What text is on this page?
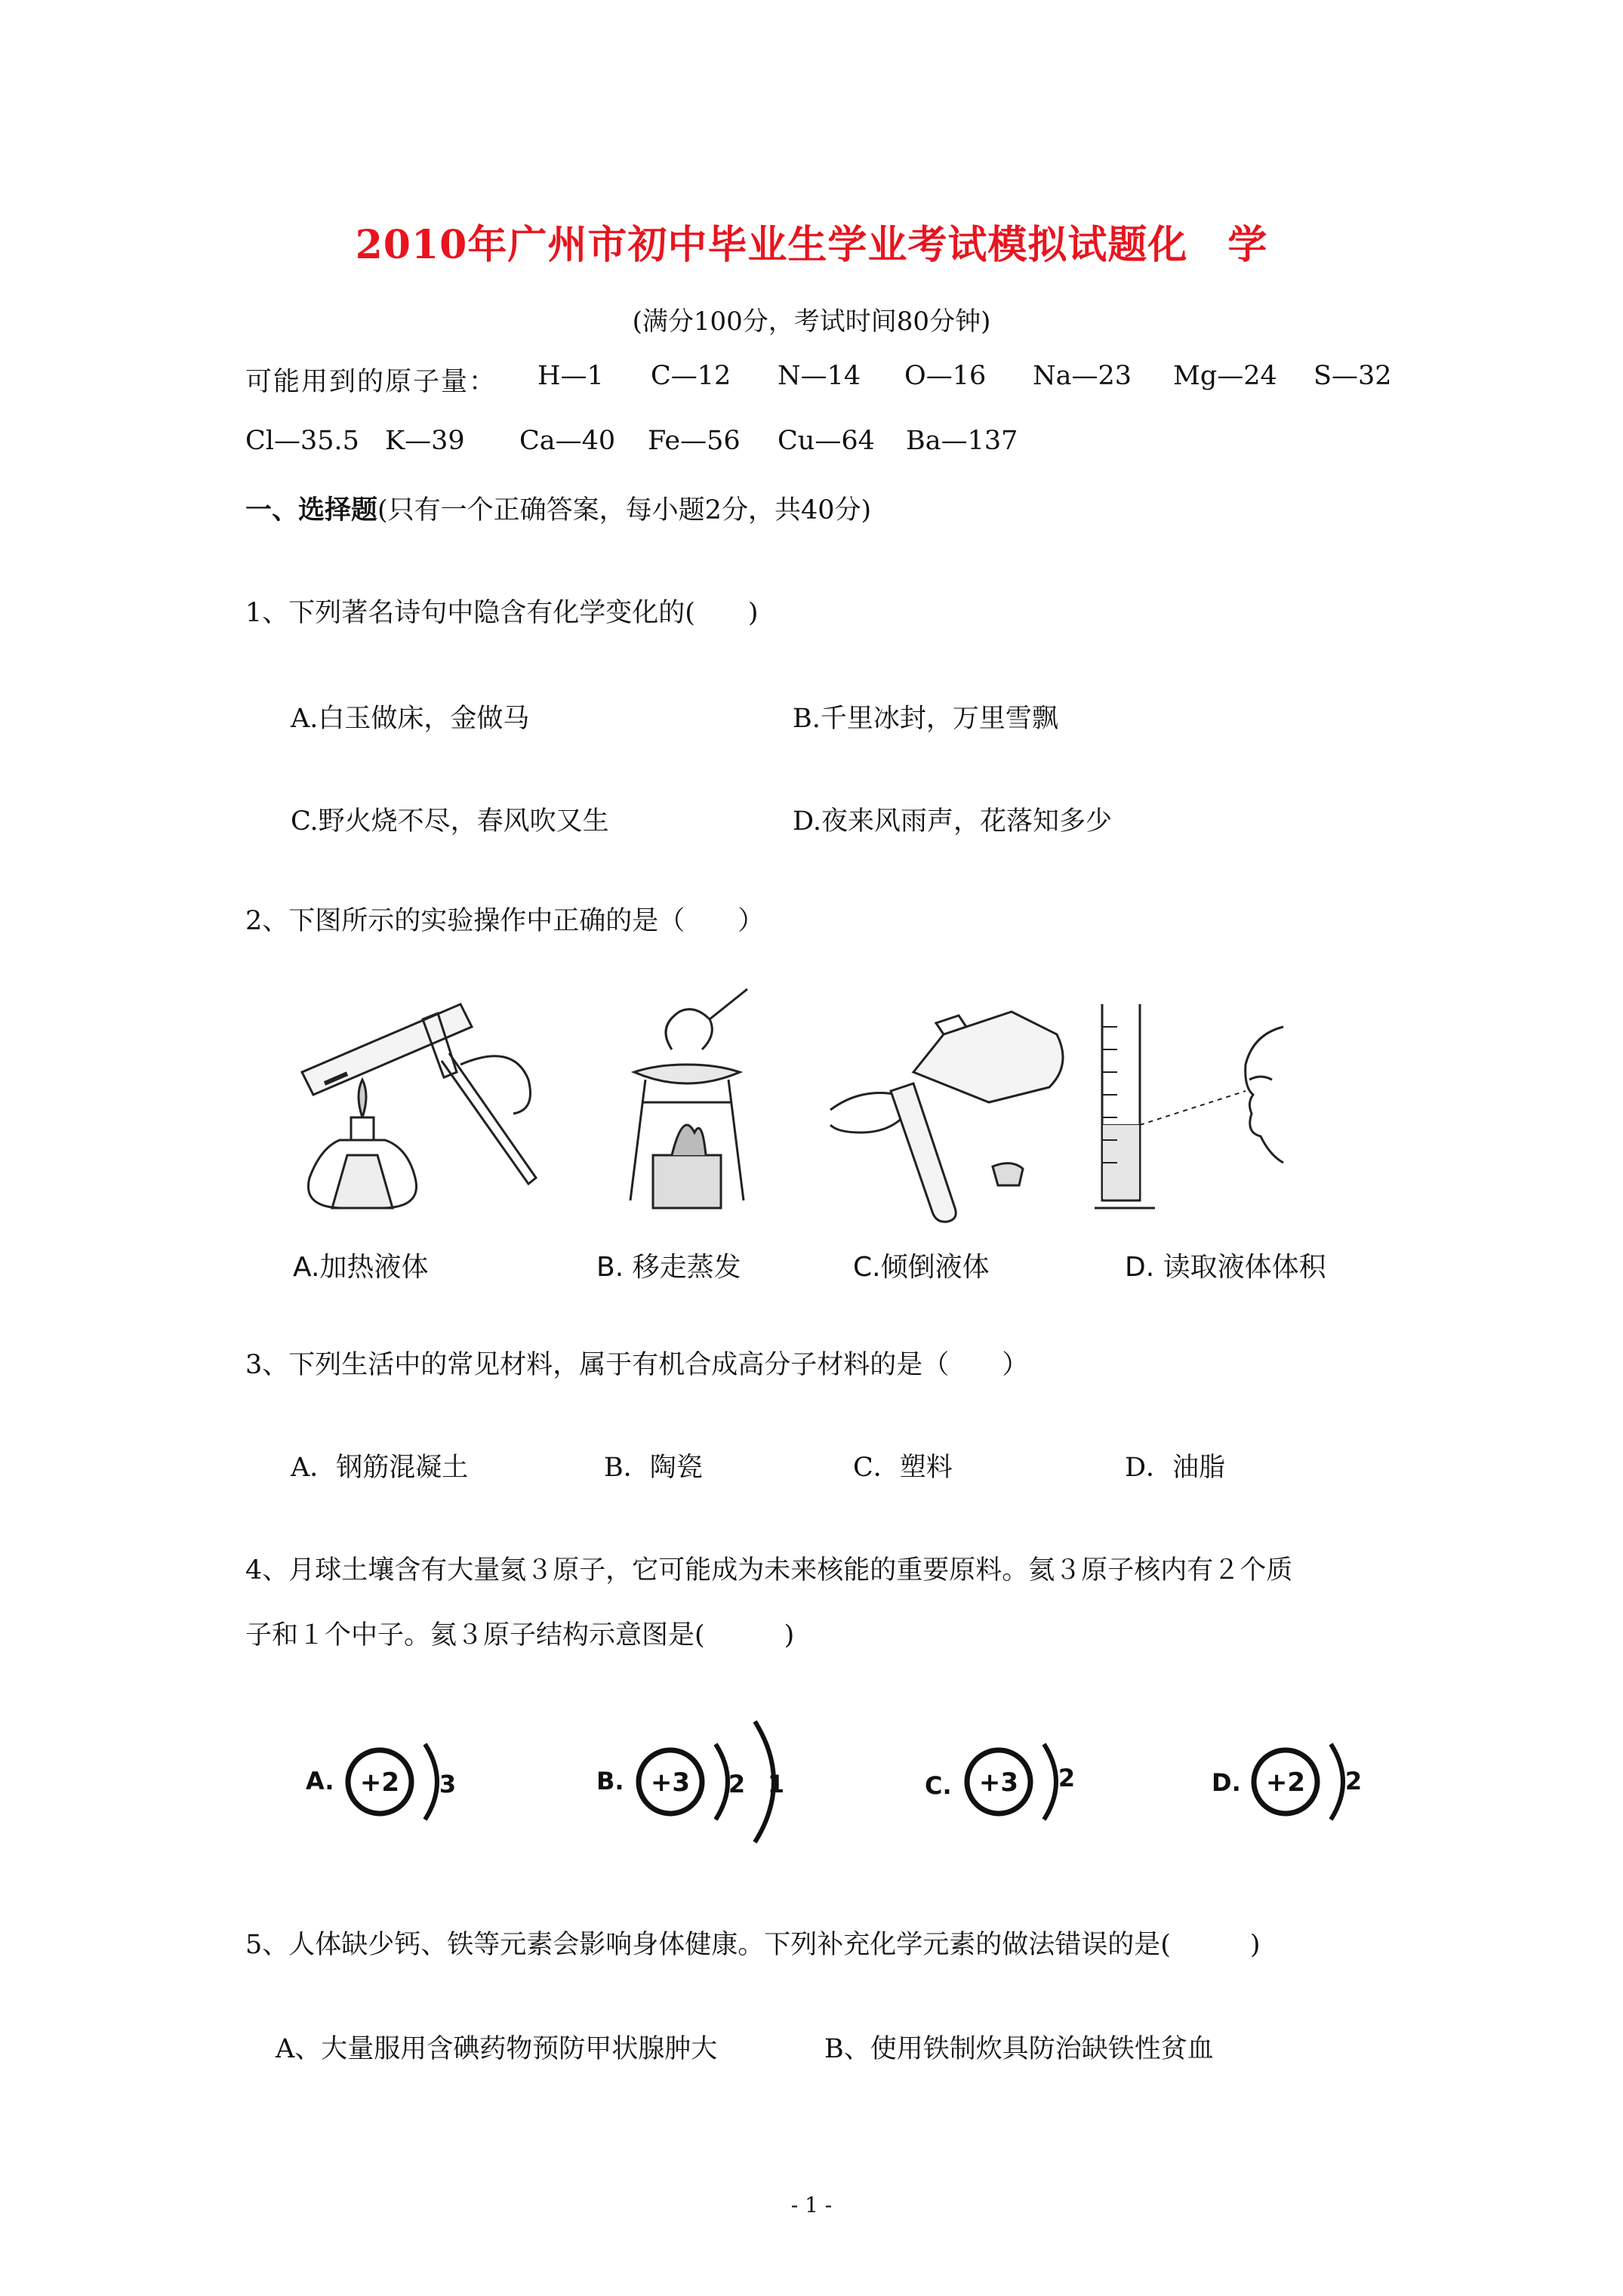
2010年广州市初中毕业生学业考试模拟试题化　学
(满分100分，考试时间80分钟)
可能用到的原子量： H—1 C—12 N—14 O—16 Na—23 Mg—24 S—32
Cl—35.5 K—39 Ca—40 Fe—56 Cu—64 Ba—137
一、选择题(只有一个正确答案，每小题2分，共40分)
1、下列著名诗句中隐含有化学变化的(　　)
A.白玉做床，金做马	B.千里冰封，万里雪飘
C.野火烧不尽，春风吹又生	D.夜来风雨声，花落知多少
2、下图所示的实验操作中正确的是（　　）
A.加热液体	B. 移走蒸发	C.倾倒液体	D. 读取液体体积
3、下列生活中的常见材料，属于有机合成高分子材料的是（　　）
A．钢筋混凝土	B．陶瓷	C．塑料	D．油脂
4、月球土壤含有大量氦３原子，它可能成为未来核能的重要原料。氦３原子核内有２个质
子和１个中子。氦３原子结构示意图是(　　　)
A. +2 3	B. +3 2 1	C. +3 2	D. +2 2
5、人体缺少钙、铁等元素会影响身体健康。下列补充化学元素的做法错误的是(　　　)
A、大量服用含碘药物预防甲状腺肿大	B、使用铁制炊具防治缺铁性贫血
- 1 -
